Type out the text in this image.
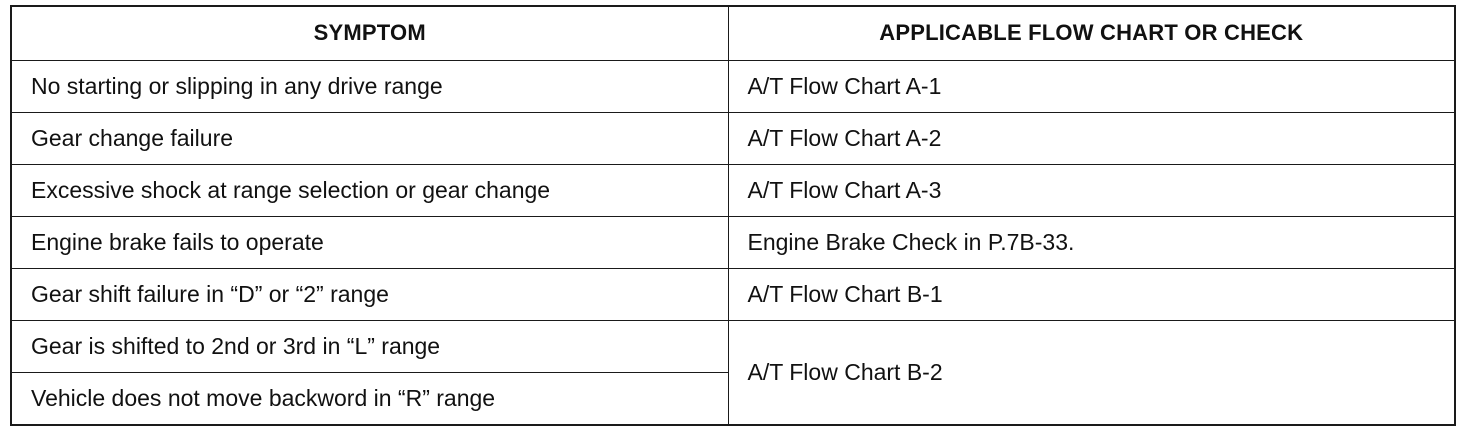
SYMPTOM	APPLICABLE FLOW CHART OR CHECK
No starting or slipping in any drive range	A/T Flow Chart A-1
Gear change failure	A/T Flow Chart A-2
Excessive shock at range selection or gear change	A/T Flow Chart A-3
Engine brake fails to operate	Engine Brake Check in P.7B-33.
Gear shift failure in “D” or “2” range	A/T Flow Chart B-1
Gear is shifted to 2nd or 3rd in “L” range	A/T Flow Chart B-2
Vehicle does not move backword in “R” range	
